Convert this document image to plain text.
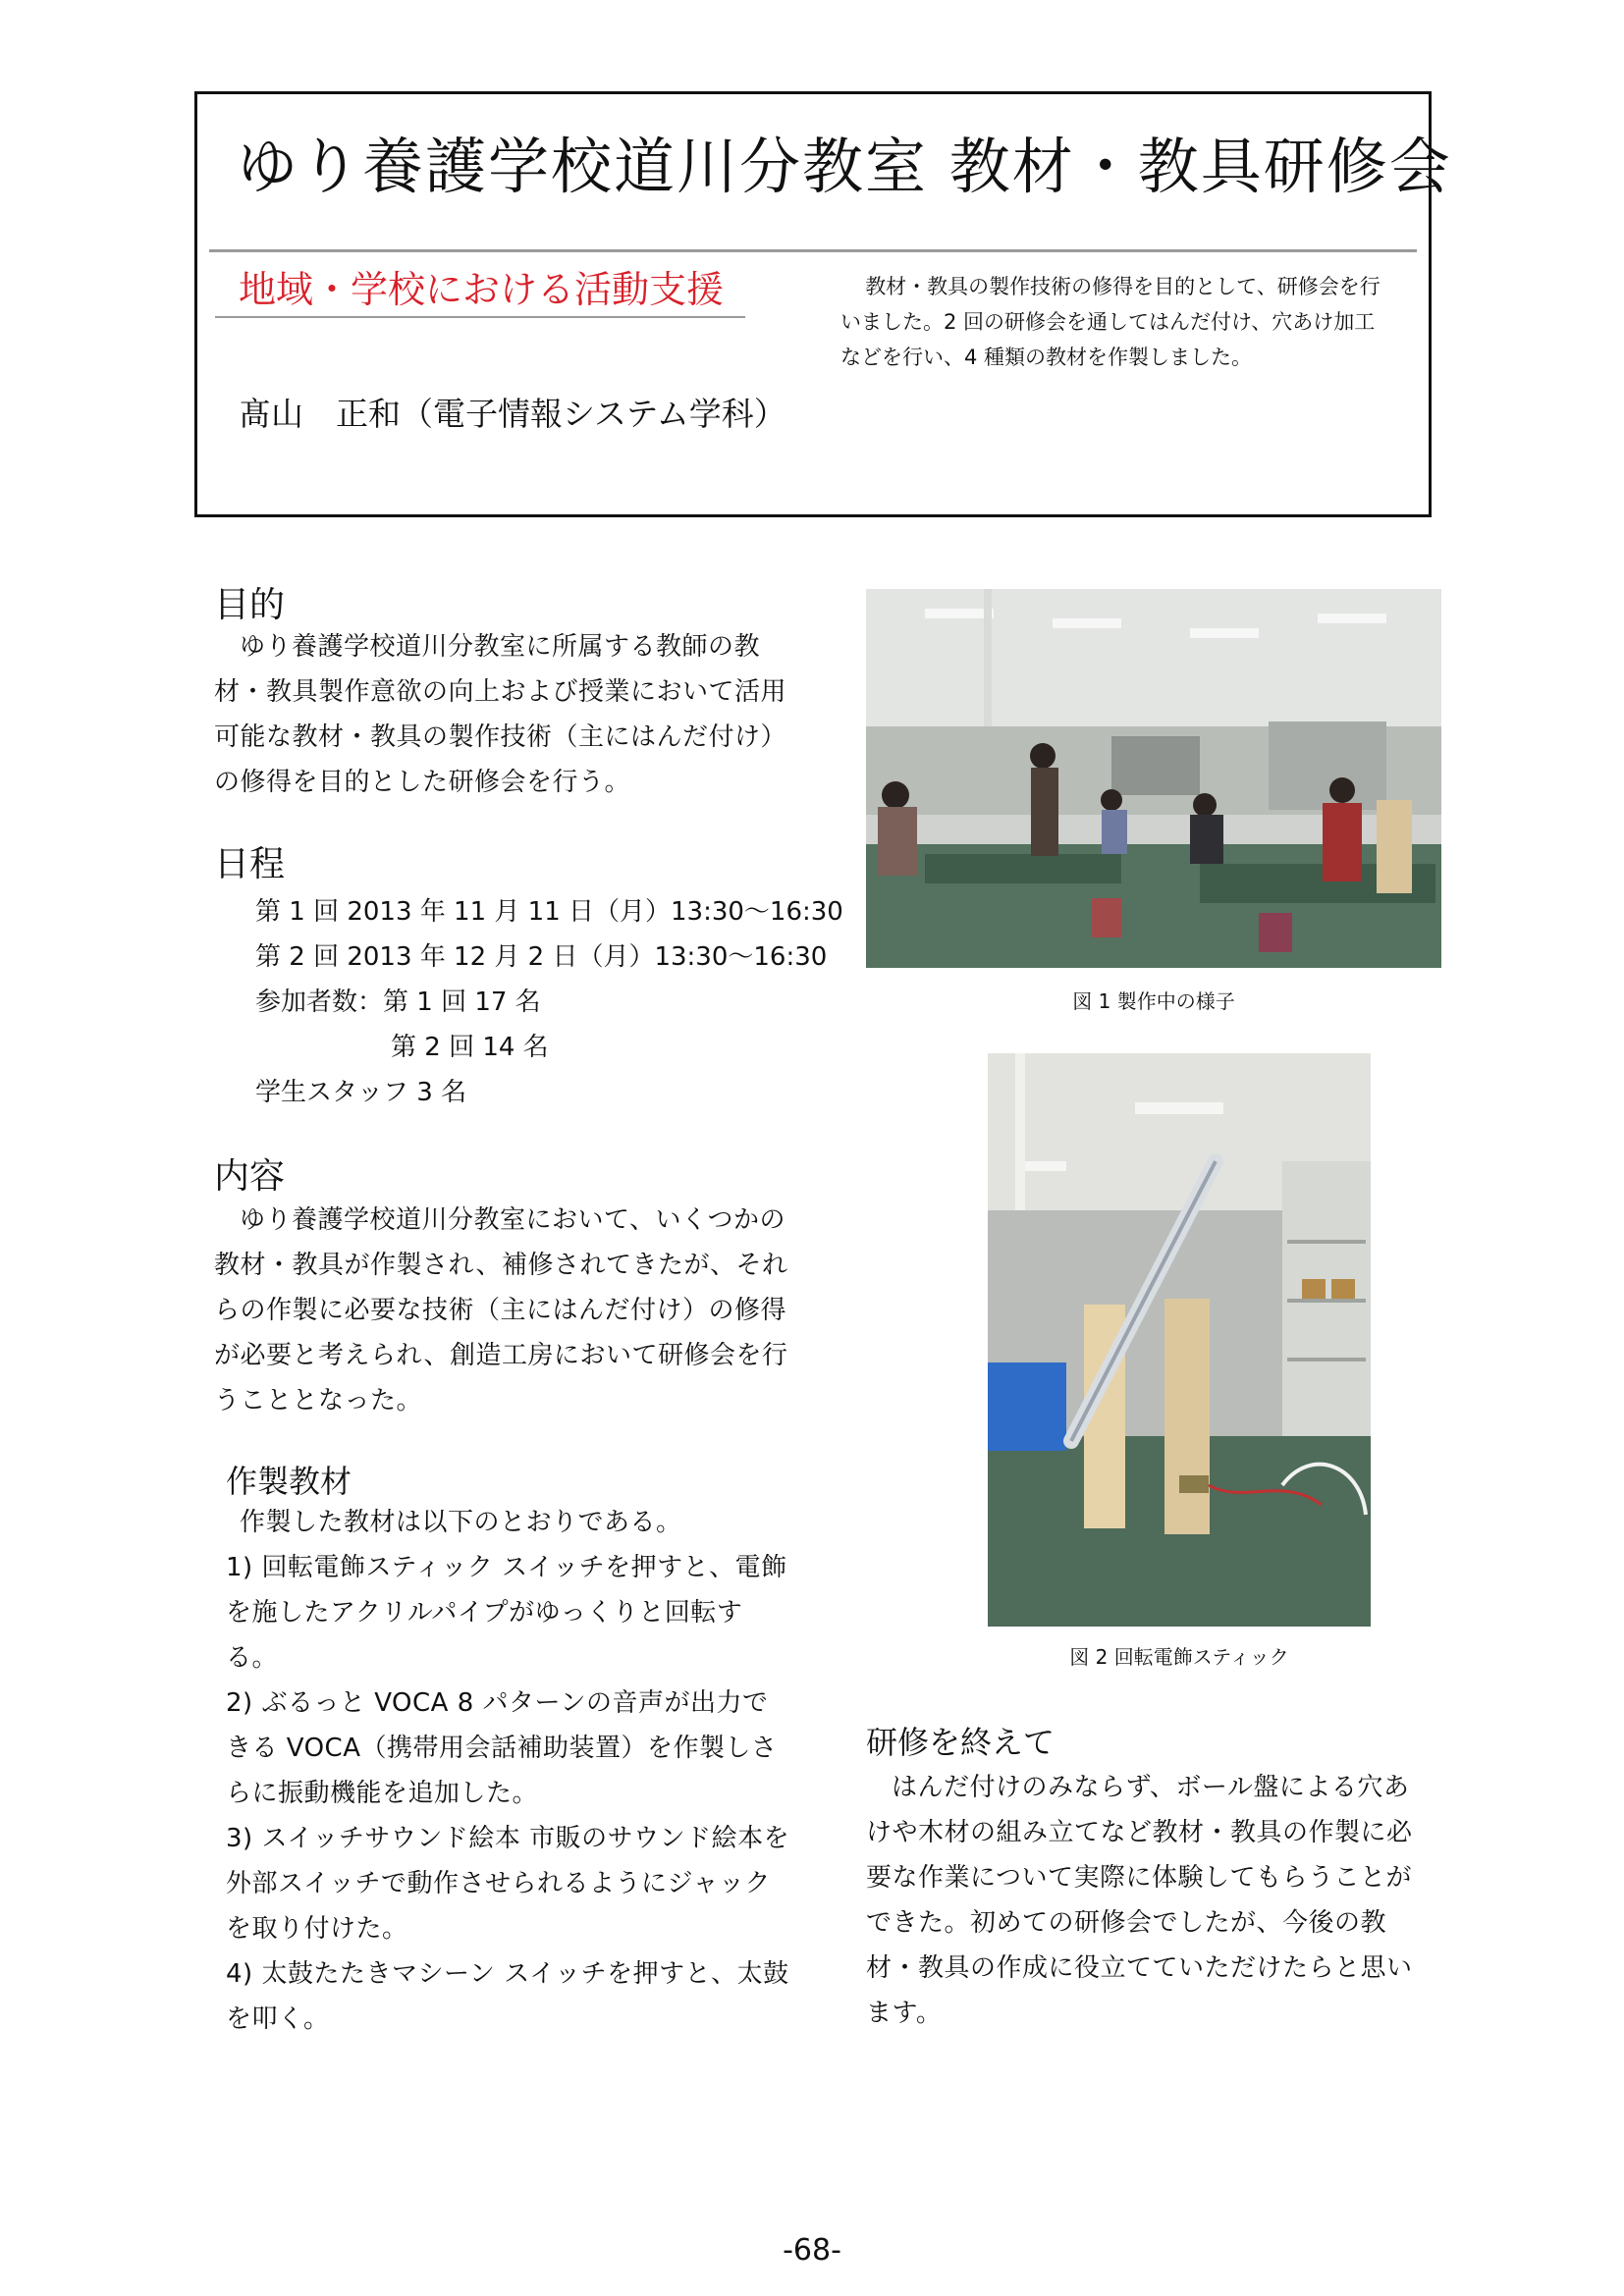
ゆり養護学校道川分教室 教材・教具研修会
地域・学校における活動支援
髙山　正和（電子情報システム学科）

教材・教具の製作技術の修得を目的として、研修会を行いました。2 回の研修会を通してはんだ付け、穴あけ加工などを行い、4 種類の教材を作製しました。

目的

ゆり養護学校道川分教室に所属する教師の教材・教具製作意欲の向上および授業において活用可能な教材・教具の製作技術（主にはんだ付け）の修得を目的とした研修会を行う。

日程
第 1 回 2013 年 11 月 11 日（月）13:30〜16:30
第 2 回 2013 年 12 月 2 日（月）13:30〜16:30
参加者数：第 1 回 17 名
第 2 回 14 名
学生スタッフ 3 名
内容

ゆり養護学校道川分教室において、いくつかの教材・教具が作製され、補修されてきたが、それらの作製に必要な技術（主にはんだ付け）の修得が必要と考えられ、創造工房において研修会を行うこととなった。

作製教材

作製した教材は以下のとおりである。

1) 回転電飾スティック スイッチを押すと、電飾を施したアクリルパイプがゆっくりと回転する。

2) ぶるっと VOCA 8 パターンの音声が出力できる VOCA（携帯用会話補助装置）を作製しさらに振動機能を追加した。

3) スイッチサウンド絵本 市販のサウンド絵本を外部スイッチで動作させられるようにジャックを取り付けた。

4) 太鼓たたきマシーン スイッチを押すと、太鼓を叩く。

図 1 製作中の様子
図 2 回転電飾スティック
研修を終えて

はんだ付けのみならず、ボール盤による穴あけや木材の組み立てなど教材・教具の作製に必要な作業について実際に体験してもらうことができた。初めての研修会でしたが、今後の教材・教具の作成に役立てていただけたらと思います。

-68-
